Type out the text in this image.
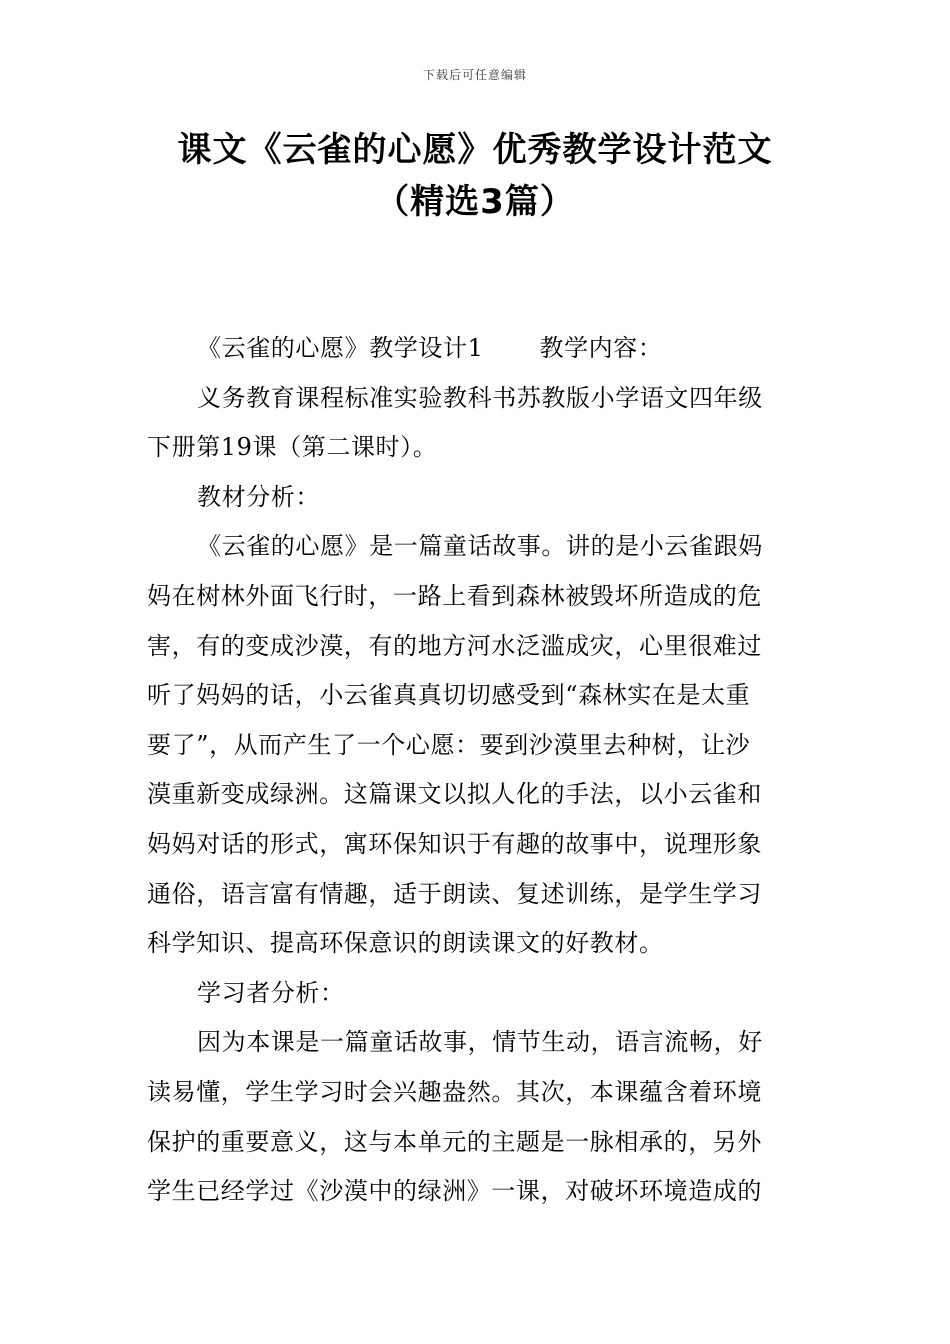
下载后可任意编辑
课文《云雀的心愿》优秀教学设计范文
（精选3篇）
《云雀的心愿》教学设计1 教学内容：
义务教育课程标准实验教科书苏教版小学语文四年级
下册第19课（第二课时）。
教材分析：
《云雀的心愿》是一篇童话故事。讲的是小云雀跟妈
妈在树林外面飞行时，一路上看到森林被毁坏所造成的危
害，有的变成沙漠，有的地方河水泛滥成灾，心里很难过
听了妈妈的话，小云雀真真切切感受到“森林实在是太重
要了”，从而产生了一个心愿：要到沙漠里去种树，让沙
漠重新变成绿洲。这篇课文以拟人化的手法，以小云雀和
妈妈对话的形式，寓环保知识于有趣的故事中，说理形象
通俗，语言富有情趣，适于朗读、复述训练，是学生学习
科学知识、提高环保意识的朗读课文的好教材。
学习者分析：
因为本课是一篇童话故事，情节生动，语言流畅，好
读易懂，学生学习时会兴趣盎然。其次，本课蕴含着环境
保护的重要意义，这与本单元的主题是一脉相承的，另外
学生已经学过《沙漠中的绿洲》一课，对破坏环境造成的
